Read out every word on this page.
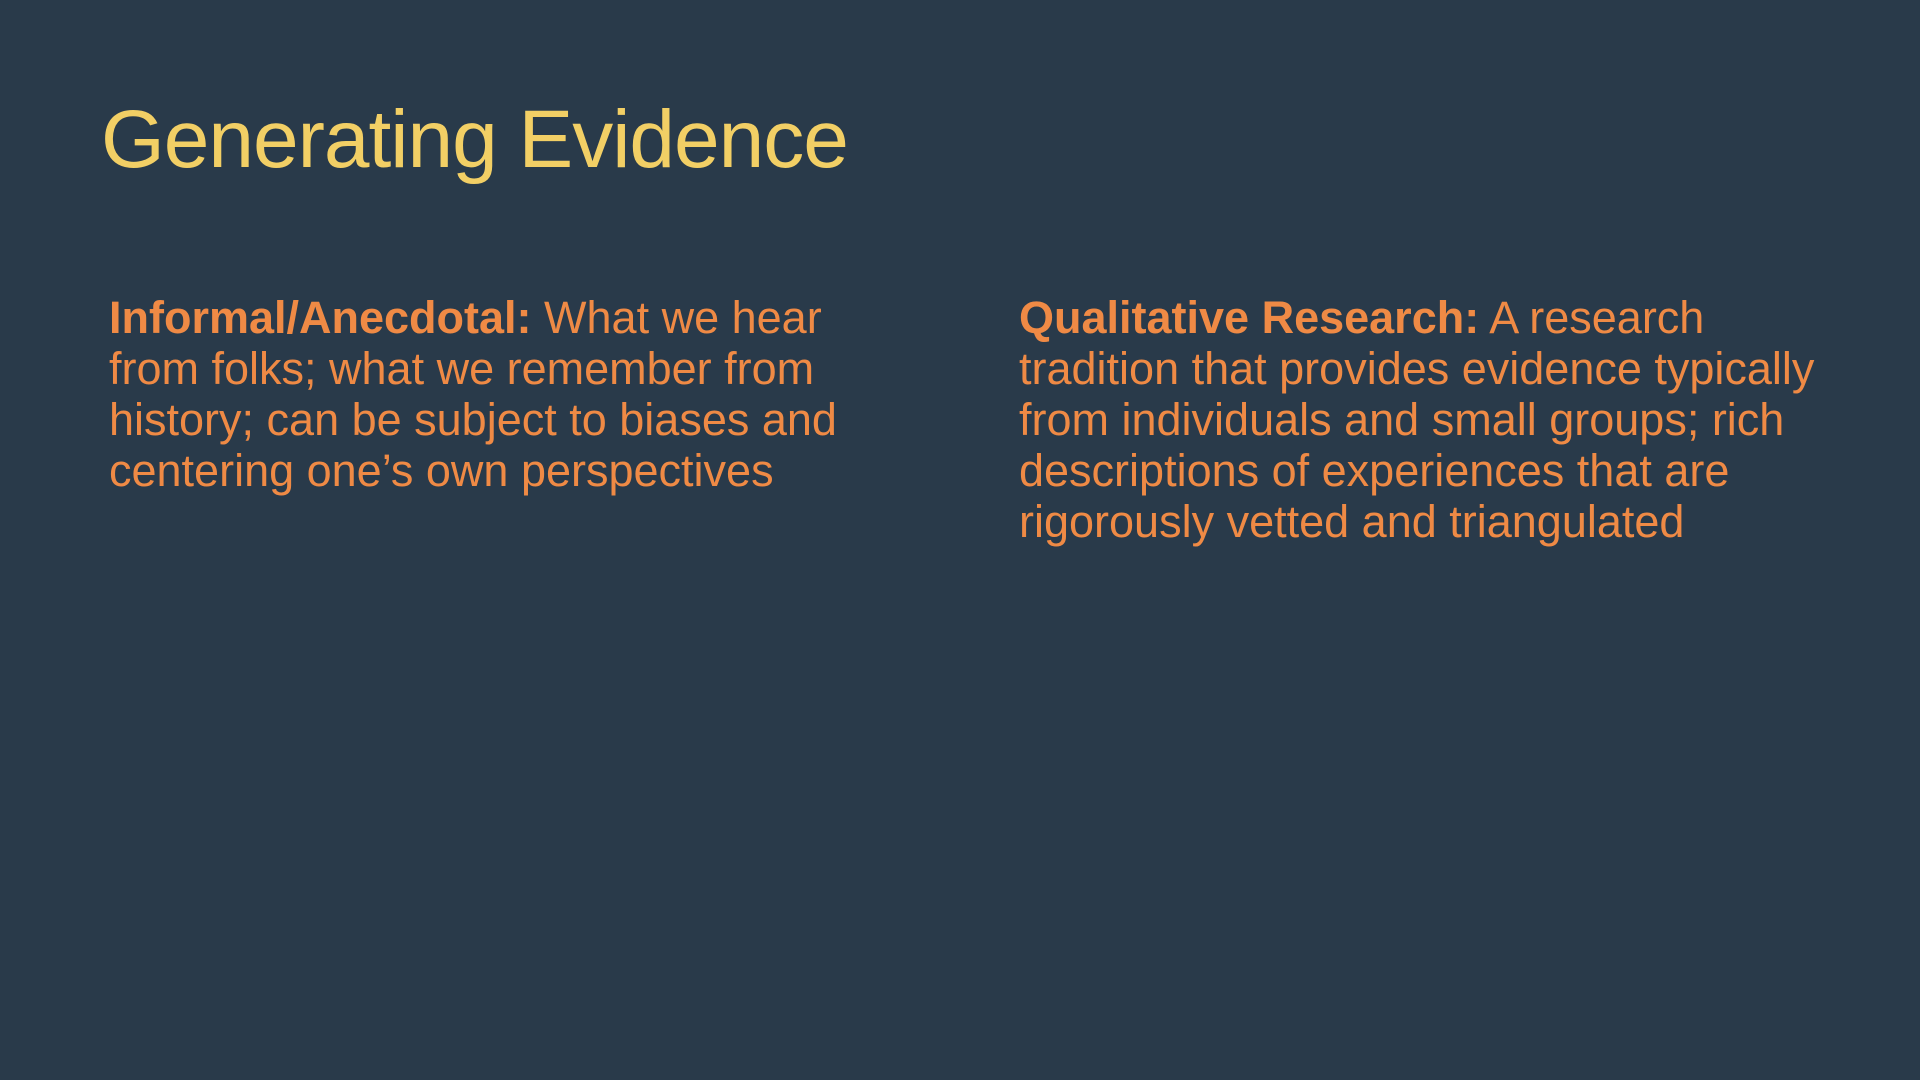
Generating Evidence

Informal/Anecdotal: What we hear from folks; what we remember from history; can be subject to biases and centering one’s own perspectives

Qualitative Research: A research tradition that provides evidence typically from individuals and small groups; rich descriptions of experiences that are rigorously vetted and triangulated
